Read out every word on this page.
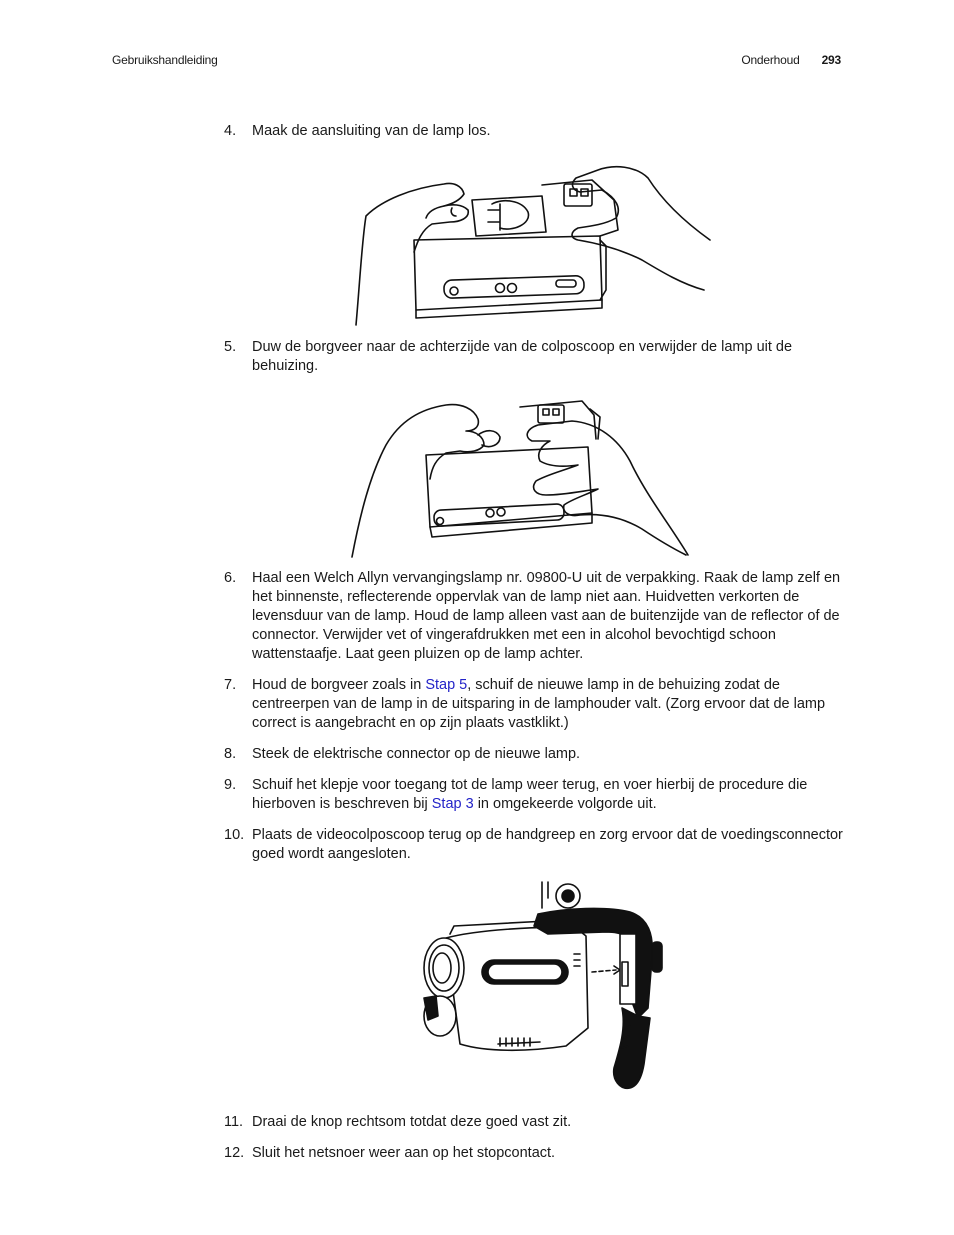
Gebruikshandleiding	Onderhoud 293
4.	Maak de aansluiting van de lamp los.
5.	Duw de borgveer naar de achterzijde van de colposcoop en verwijder de lamp uit de behuizing.
6.	Haal een Welch Allyn vervangingslamp nr. 09800-U uit de verpakking. Raak de lamp zelf en het binnenste, reflecterende oppervlak van de lamp niet aan. Huidvetten verkorten de levensduur van de lamp. Houd de lamp alleen vast aan de buitenzijde van de reflector of de connector. Verwijder vet of vingerafdrukken met een in alcohol bevochtigd schoon wattenstaafje. Laat geen pluizen op de lamp achter.
7.	Houd de borgveer zoals in Stap 5, schuif de nieuwe lamp in de behuizing zodat de centreerpen van de lamp in de uitsparing in de lamphouder valt. (Zorg ervoor dat de lamp correct is aangebracht en op zijn plaats vastklikt.)
8.	Steek de elektrische connector op de nieuwe lamp.
9.	Schuif het klepje voor toegang tot de lamp weer terug, en voer hierbij de procedure die hierboven is beschreven bij Stap 3 in omgekeerde volgorde uit.
10. Plaats de videocolposcoop terug op de handgreep en zorg ervoor dat de voedingsconnector goed wordt aangesloten.
11. Draai de knop rechtsom totdat deze goed vast zit.
12. Sluit het netsnoer weer aan op het stopcontact.
